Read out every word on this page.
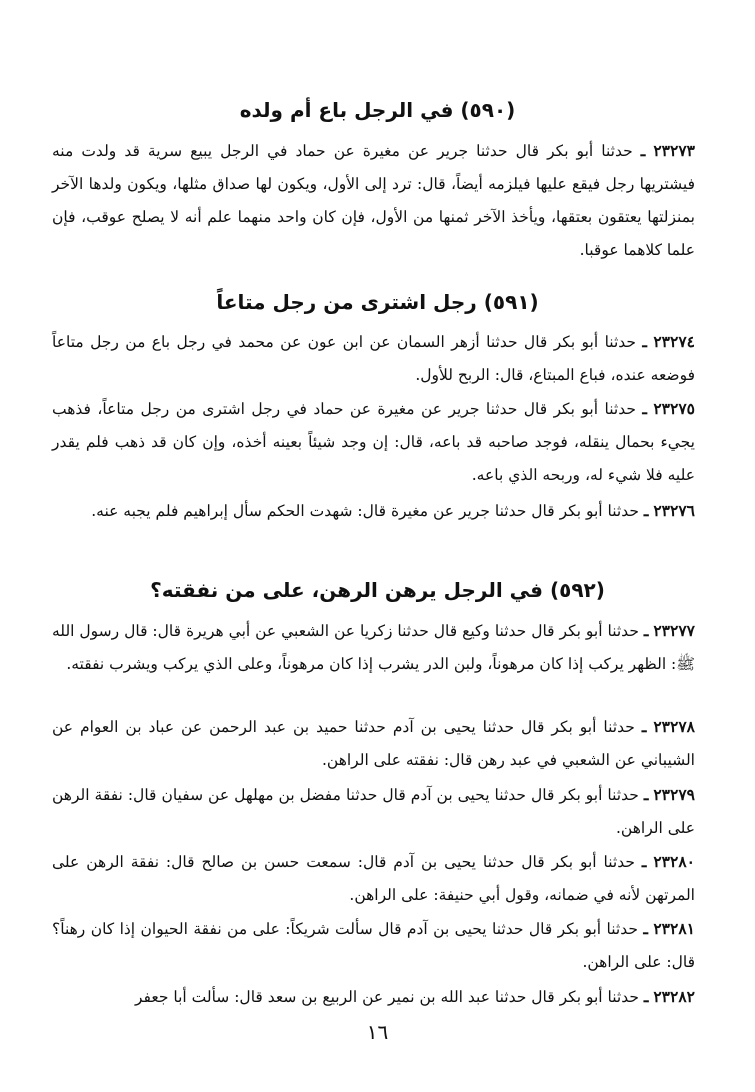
(٥٩٠) في الرجل باع أم ولده

٢٣٢٧٣ ـ حدثنا أبو بكر قال حدثنا جرير عن مغيرة عن حماد في الرجل يبيع سرية قد ولدت منه فيشتريها رجل فيقع عليها فيلزمه أيضاً، قال: ترد إلى الأول، ويكون لها صداق مثلها، ويكون ولدها الآخر بمنزلتها يعتقون بعتقها، ويأخذ الآخر ثمنها من الأول، فإن كان واحد منهما علم أنه لا يصلح عوقب، فإن علما كلاهما عوقبا.

(٥٩١) رجل اشترى من رجل متاعاً

٢٣٢٧٤ ـ حدثنا أبو بكر قال حدثنا أزهر السمان عن ابن عون عن محمد في رجل باع من رجل متاعاً فوضعه عنده، فباع المبتاع، قال: الربح للأول.

٢٣٢٧٥ ـ حدثنا أبو بكر قال حدثنا جرير عن مغيرة عن حماد في رجل اشترى من رجل متاعاً، فذهب يجيء بحمال ينقله، فوجد صاحبه قد باعه، قال: إن وجد شيئاً بعينه أخذه، وإن كان قد ذهب فلم يقدر عليه فلا شيء له، وربحه الذي باعه.

٢٣٢٧٦ ـ حدثنا أبو بكر قال حدثنا جرير عن مغيرة قال: شهدت الحكم سأل إبراهيم فلم يجبه عنه.

(٥٩٢) في الرجل يرهن الرهن، على من نفقته؟

٢٣٢٧٧ ـ حدثنا أبو بكر قال حدثنا وكيع قال حدثنا زكريا عن الشعبي عن أبي هريرة قال: قال رسول الله ﷺ: الظهر يركب إذا كان مرهوناً، ولبن الدر يشرب إذا كان مرهوناً، وعلى الذي يركب ويشرب نفقته.

٢٣٢٧٨ ـ حدثنا أبو بكر قال حدثنا يحيى بن آدم حدثنا حميد بن عبد الرحمن عن عباد بن العوام عن الشيباني عن الشعبي في عبد رهن قال: نفقته على الراهن.

٢٣٢٧٩ ـ حدثنا أبو بكر قال حدثنا يحيى بن آدم قال حدثنا مفضل بن مهلهل عن سفيان قال: نفقة الرهن على الراهن.

٢٣٢٨٠ ـ حدثنا أبو بكر قال حدثنا يحيى بن آدم قال: سمعت حسن بن صالح قال: نفقة الرهن على المرتهن لأنه في ضمانه، وقول أبي حنيفة: على الراهن.

٢٣٢٨١ ـ حدثنا أبو بكر قال حدثنا يحيى بن آدم قال سألت شريكاً: على من نفقة الحيوان إذا كان رهناً؟ قال: على الراهن.

٢٣٢٨٢ ـ حدثنا أبو بكر قال حدثنا عبد الله بن نمير عن الربيع بن سعد قال: سألت أبا جعفر

١٦
